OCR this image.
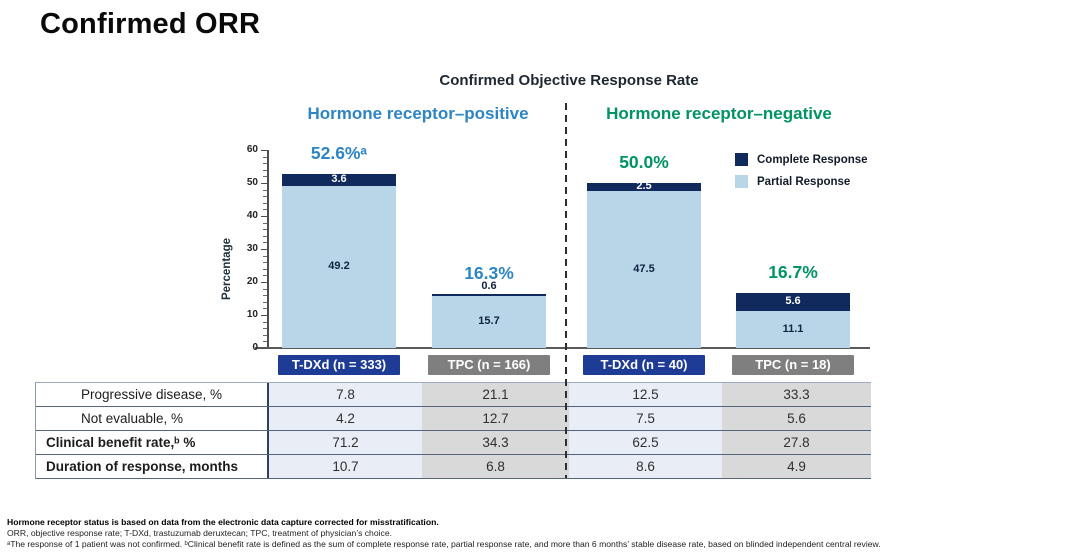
Confirmed ORR
Confirmed Objective Response Rate
Hormone receptor–positive	Hormone receptor–negative
Percentage
0
10
20
30
40
50
60
49.2
3.6
52.6%ᵃ
T-DXd (n = 333)
15.7
0.6
16.3%
TPC (n = 166)
47.5
2.5
50.0%
T-DXd (n = 40)
11.1
5.6
16.7%
TPC (n = 18)
Complete Response
Partial Response
Progressive disease, %	7.8	21.1	12.5	33.3
Not evaluable, %	4.2	12.7	7.5	5.6
Clinical benefit rate,ᵇ %	71.2	34.3	62.5	27.8
Duration of response, months	10.7	6.8	8.6	4.9
Hormone receptor status is based on data from the electronic data capture corrected for misstratification.
ORR, objective response rate; T-DXd, trastuzumab deruxtecan; TPC, treatment of physician’s choice.
ᵃThe response of 1 patient was not confirmed. ᵇClinical benefit rate is defined as the sum of complete response rate, partial response rate, and more than 6 months’ stable disease rate, based on blinded independent central review.
